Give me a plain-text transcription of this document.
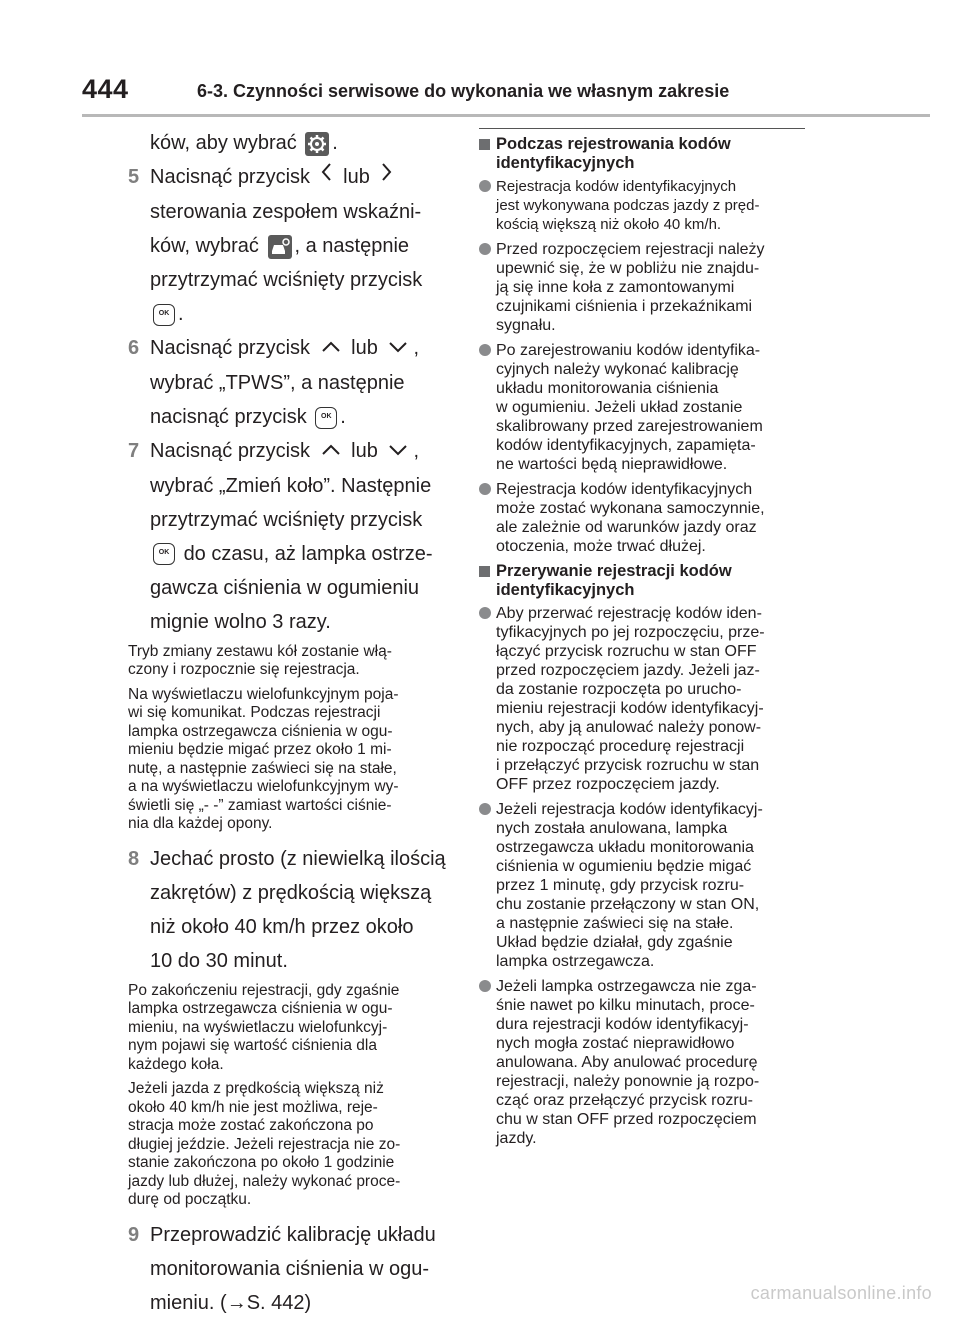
444	6-3. Czynności serwisowe do wykonania we własnym zakresie
ków, aby wybrać .
5 Nacisnąć przycisk lub
sterowania zespołem wskaźni-
ków, wybrać , a następnie
przytrzymać wciśnięty przycisk
OK .
6 Nacisnąć przycisk lub ,
wybrać „TPWS”, a następnie
nacisnąć przycisk	OK .
7 Nacisnąć przycisk lub ,
wybrać „Zmień koło”. Następnie
przytrzymać wciśnięty przycisk
OK do czasu, aż lampka ostrze-
gawcza ciśnienia w ogumieniu
mignie wolno 3 razy.
Tryb zmiany zestawu kół zostanie włą-
czony i rozpocznie się rejestracja.
Na wyświetlaczu wielofunkcyjnym poja-
wi się komunikat. Podczas rejestracji
lampka ostrzegawcza ciśnienia w ogu-
mieniu będzie migać przez około 1 mi-
nutę, a następnie zaświeci się na stałe,
a na wyświetlaczu wielofunkcyjnym wy-
świetli się „- -” zamiast wartości ciśnie-
nia dla każdej opony.
8 Jechać prosto (z niewielką ilością
zakrętów) z prędkością większą
niż około 40 km/h przez około
10 do 30 minut.
Po zakończeniu rejestracji, gdy zgaśnie
lampka ostrzegawcza ciśnienia w ogu-
mieniu, na wyświetlaczu wielofunkcyj-
nym pojawi się wartość ciśnienia dla
każdego koła.
Jeżeli jazda z prędkością większą niż
około 40 km/h nie jest możliwa, reje-
stracja może zostać zakończona po
długiej jeździe. Jeżeli rejestracja nie zo-
stanie zakończona po około 1 godzinie
jazdy lub dłużej, należy wykonać proce-
durę od początku.
9 Przeprowadzić kalibrację układu
monitorowania ciśnienia w ogu-
mieniu. (→S. 442)
Podczas rejestrowania kodów
identyfikacyjnych
Rejestracja kodów identyfikacyjnych
jest wykonywana podczas jazdy z pręd-
kością większą niż około 40 km/h.
Przed rozpoczęciem rejestracji należy
upewnić się, że w pobliżu nie znajdu-
ją się inne koła z zamontowanymi
czujnikami ciśnienia i przekaźnikami
sygnału.
Po zarejestrowaniu kodów identyfika-
cyjnych należy wykonać kalibrację
układu monitorowania ciśnienia
w ogumieniu. Jeżeli układ zostanie
skalibrowany przed zarejestrowaniem
kodów identyfikacyjnych, zapamięta-
ne wartości będą nieprawidłowe.
Rejestracja kodów identyfikacyjnych
może zostać wykonana samoczynnie,
ale zależnie od warunków jazdy oraz
otoczenia, może trwać dłużej.
Przerywanie rejestracji kodów
identyfikacyjnych
Aby przerwać rejestrację kodów iden-
tyfikacyjnych po jej rozpoczęciu, prze-
łączyć przycisk rozruchu w stan OFF
przed rozpoczęciem jazdy. Jeżeli jaz-
da zostanie rozpoczęta po urucho-
mieniu rejestracji kodów identyfikacyj-
nych, aby ją anulować należy ponow-
nie rozpocząć procedurę rejestracji
i przełączyć przycisk rozruchu w stan
OFF przez rozpoczęciem jazdy.
Jeżeli rejestracja kodów identyfikacyj-
nych została anulowana, lampka
ostrzegawcza układu monitorowania
ciśnienia w ogumieniu będzie migać
przez 1 minutę, gdy przycisk rozru-
chu zostanie przełączony w stan ON,
a następnie zaświeci się na stałe.
Układ będzie działał, gdy zgaśnie
lampka ostrzegawcza.
Jeżeli lampka ostrzegawcza nie zga-
śnie nawet po kilku minutach, proce-
dura rejestracji kodów identyfikacyj-
nych mogła zostać nieprawidłowo
anulowana. Aby anulować procedurę
rejestracji, należy ponownie ją rozpo-
cząć oraz przełączyć przycisk rozru-
chu w stan OFF przed rozpoczęciem
jazdy.
carmanualsonline.info
